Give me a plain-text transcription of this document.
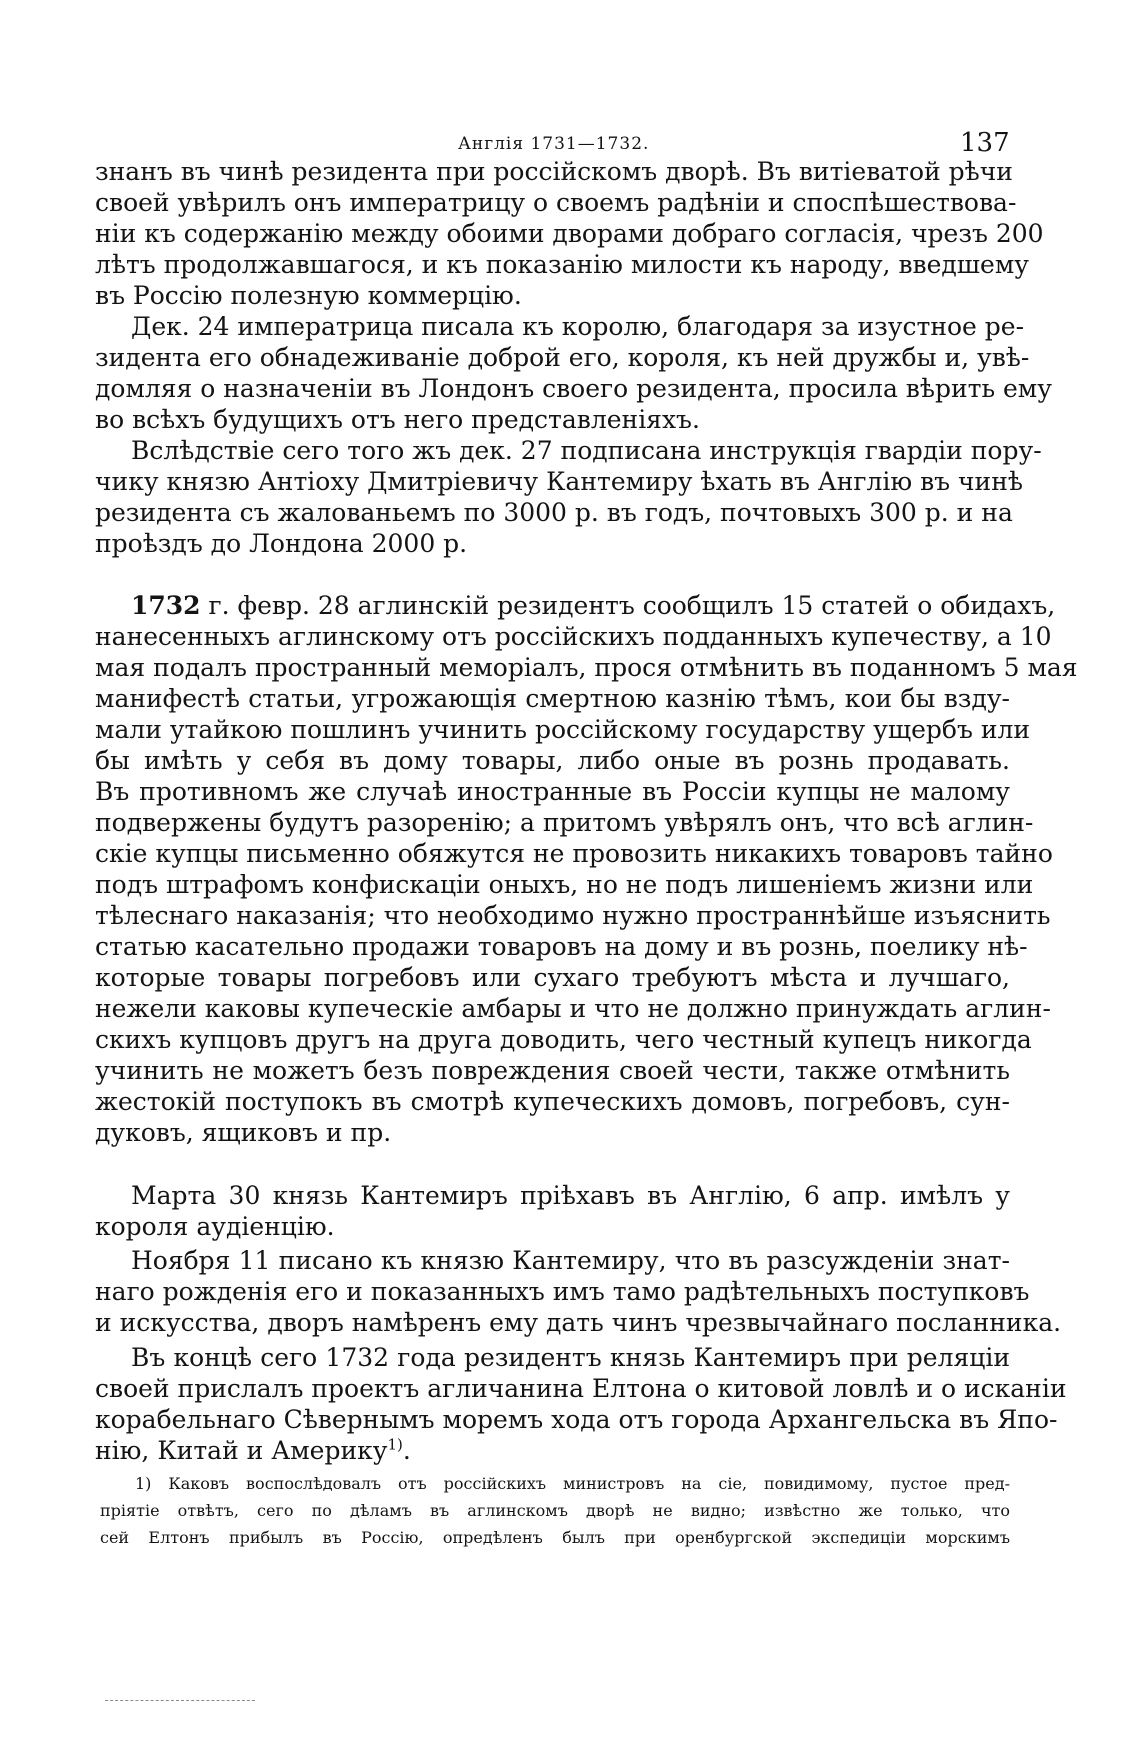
Англія 1731—1732.	137
знанъ въ чинѣ резидента при россійскомъ дворѣ. Въ витіеватой рѣчи
своей увѣрилъ онъ императрицу о своемъ радѣніи и споспѣшествова-
ніи къ содержанію между обоими дворами добраго согласія, чрезъ 200
лѣтъ продолжавшагося, и къ показанію милости къ народу, введшему
въ Россію полезную коммерцію.
Дек. 24 императрица писала къ королю, благодаря за изустное ре-
зидента его обнадеживаніе доброй его, короля, къ ней дружбы и, увѣ-
домляя о назначеніи въ Лондонъ своего резидента, просила вѣрить ему
во всѣхъ будущихъ отъ него представленіяхъ.
Вслѣдствіе сего того жъ дек. 27 подписана инструкція гвардіи пору-
чику князю Антіоху Дмитріевичу Кантемиру ѣхать въ Англію въ чинѣ
резидента съ жалованьемъ по 3000 р. въ годъ, почтовыхъ 300 р. и на
проѣздъ до Лондона 2000 р.
1732 г. февр. 28 аглинскій резидентъ сообщилъ 15 статей о обидахъ,
нанесенныхъ аглинскому отъ россійскихъ подданныхъ купечеству, а 10
мая подалъ пространный меморіалъ, прося отмѣнить въ поданномъ 5 мая
манифестѣ статьи, угрожающія смертною казнію тѣмъ, кои бы взду-
мали утайкою пошлинъ учинить россійскому государству ущербъ или
бы имѣть у себя въ дому товары, либо оные въ рознь продавать.
Въ противномъ же случаѣ иностранные въ Россіи купцы не малому
подвержены будутъ разоренію; а притомъ увѣрялъ онъ, что всѣ аглин-
скіе купцы письменно обяжутся не провозить никакихъ товаровъ тайно
подъ штрафомъ конфискаціи оныхъ, но не подъ лишеніемъ жизни или
тѣлеснаго наказанія; что необходимо нужно пространнѣйше изъяснить
статью касательно продажи товаровъ на дому и въ рознь, поелику нѣ-
которые товары погребовъ или сухаго требуютъ мѣста и лучшаго,
нежели каковы купеческіе амбары и что не должно принуждать аглин-
скихъ купцовъ другъ на друга доводить, чего честный купецъ никогда
учинить не можетъ безъ повреждения своей чести, также отмѣнить
жестокій поступокъ въ смотрѣ купеческихъ домовъ, погребовъ, сун-
дуковъ, ящиковъ и пр.
Марта 30 князь Кантемиръ пріѣхавъ въ Англію, 6 апр. имѣлъ у
короля аудіенцію.
Ноября 11 писано къ князю Кантемиру, что въ разсужденіи знат-
наго рожденія его и показанныхъ имъ тамо радѣтельныхъ поступковъ
и искусства, дворъ намѣренъ ему дать чинъ чрезвычайнаго посланника.
Въ концѣ сего 1732 года резидентъ князь Кантемиръ при реляціи
своей прислалъ проектъ агличанина Елтона о китовой ловлѣ и о исканіи
корабельнаго Сѣвернымъ моремъ хода отъ города Архангельска въ Япо-
нію, Китай и Америку$^{1)}$.
1) Каковъ воспослѣдовалъ отъ россійскихъ министровъ на сіе, повидимому, пустое пред-
пріятіе отвѣтъ, сего по дѣламъ въ аглинскомъ дворѣ не видно; извѣстно же только, что
сей Елтонъ прибылъ въ Россію, опредѣленъ былъ при оренбургской экспедиціи морскимъ
